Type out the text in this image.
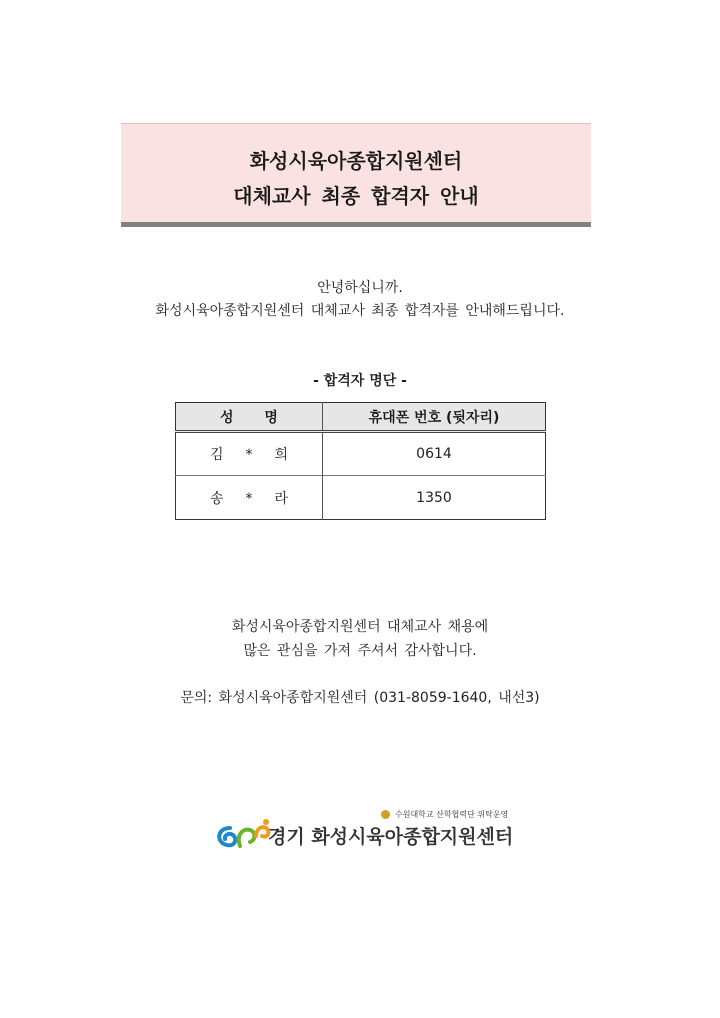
화성시육아종합지원센터
대체교사 최종 합격자 안내
안녕하십니까.
화성시육아종합지원센터 대체교사 최종 합격자를 안내해드립니다.
- 합격자 명단 -
성 명	휴대폰 번호 (뒷자리)
김 * 희	0614
송 * 라	1350
화성시육아종합지원센터 대체교사 채용에
많은 관심을 가져 주셔서 감사합니다.
문의: 화성시육아종합지원센터 (031-8059-1640, 내선3)
수원대학교 산학협력단 위탁운영
경기 화성시육아종합지원센터
